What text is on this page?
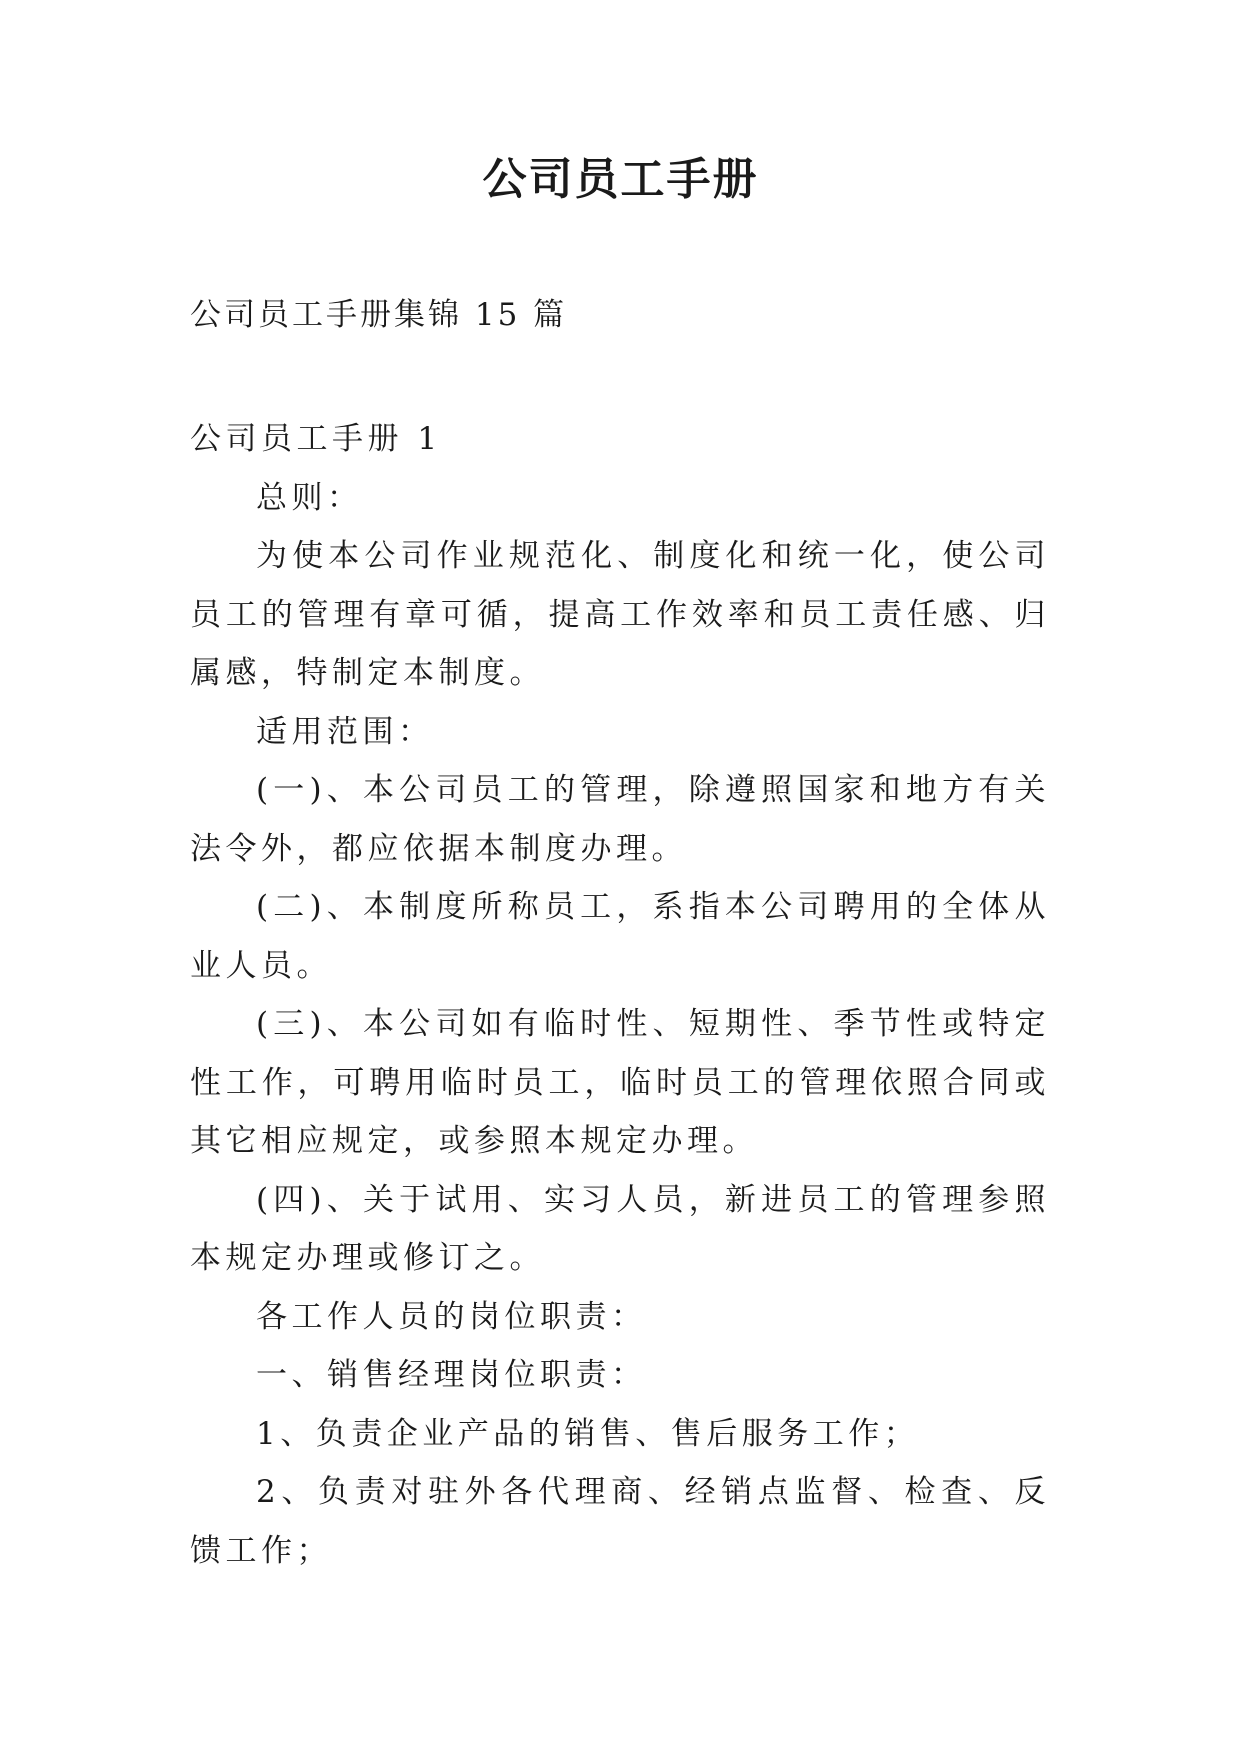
公司员工手册

公司员工手册集锦 15 篇

公司员工手册 1

总则：

为使本公司作业规范化、制度化和统一化，使公司员工的管理有章可循，提高工作效率和员工责任感、归属感，特制定本制度。

适用范围：

(一)、本公司员工的管理，除遵照国家和地方有关法令外，都应依据本制度办理。

(二)、本制度所称员工，系指本公司聘用的全体从业人员。

(三)、本公司如有临时性、短期性、季节性或特定性工作，可聘用临时员工，临时员工的管理依照合同或其它相应规定，或参照本规定办理。

(四)、关于试用、实习人员，新进员工的管理参照本规定办理或修订之。

各工作人员的岗位职责：

一、销售经理岗位职责：

1、负责企业产品的销售、售后服务工作；

2、负责对驻外各代理商、经销点监督、检查、反馈工作；
